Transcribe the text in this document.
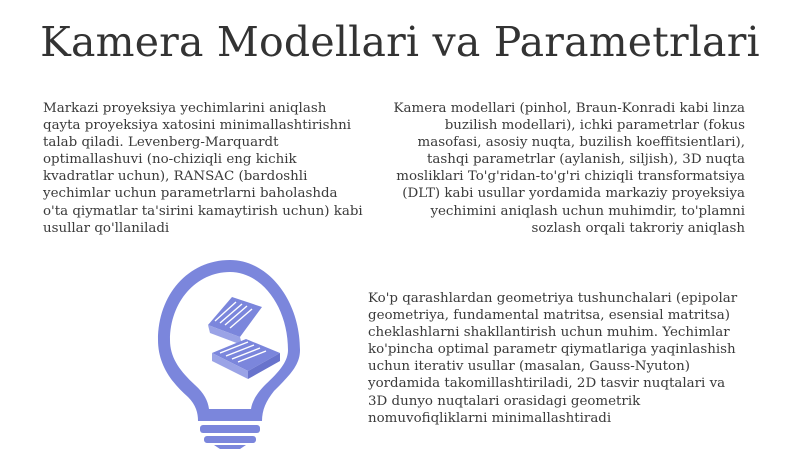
Kamera Modellari va Parametrlari
Markazi proyeksiya yechimlarini aniqlash qayta proyeksiya xatosini minimallashtirishni talab qiladi. Levenberg-Marquardt optimallashuvi (no-chiziqli eng kichik kvadratlar uchun), RANSAC (bardoshli yechimlar uchun parametrlarni baholashda o'ta qiymatlar ta'sirini kamaytirish uchun) kabi usullar qo'llaniladi
Kamera modellari (pinhol, Braun-Konradi kabi linza buzilish modellari), ichki parametrlar (fokus masofasi, asosiy nuqta, buzilish koeffitsientlari), tashqi parametrlar (aylanish, siljish), 3D nuqta mosliklari To'g'ridan-to'g'ri chiziqli transformatsiya (DLT) kabi usullar yordamida markaziy proyeksiya yechimini aniqlash uchun muhimdir, to'plamni sozlash orqali takroriy aniqlash
Ko'p qarashlardan geometriya tushunchalari (epipolar geometriya, fundamental matritsa, esensial matritsa) cheklashlarni shakllantirish uchun muhim. Yechimlar ko'pincha optimal parametr qiymatlariga yaqinlashish uchun iterativ usullar (masalan, Gauss-Nyuton) yordamida takomillashtiriladi, 2D tasvir nuqtalari va 3D dunyo nuqtalari orasidagi geometrik nomuvofiqliklarni minimallashtiradi
